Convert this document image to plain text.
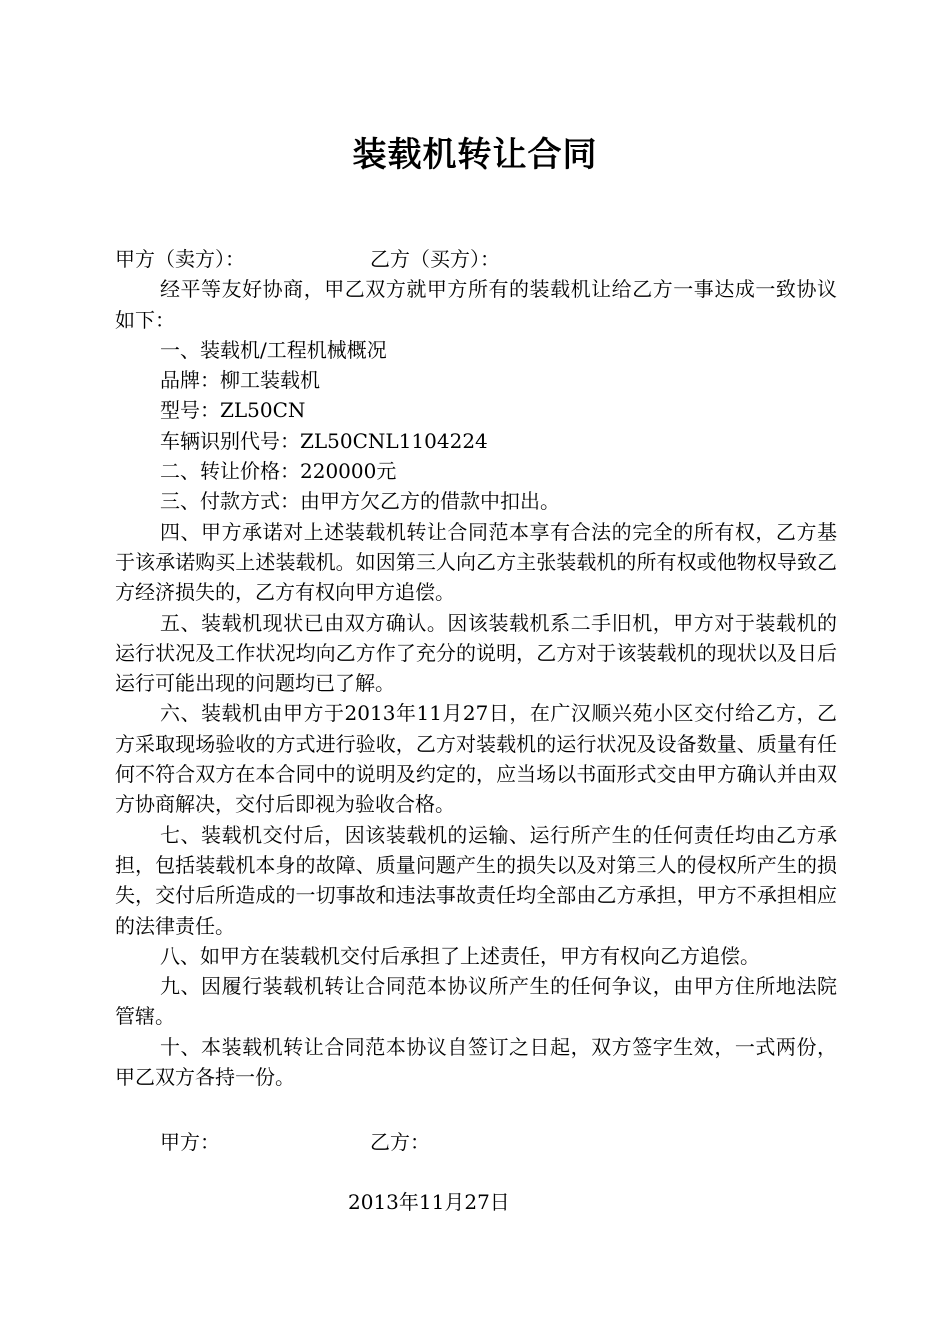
装载机转让合同
甲方（卖方）：	乙方（买方）：
经平等友好协商，甲乙双方就甲方所有的装载机让给乙方一事达成一致协议如下：
一、装载机/工程机械概况
品牌：柳工装载机
型号：ZL50CN
车辆识别代号：ZL50CNL1104224
二、转让价格：220000元
三、付款方式：由甲方欠乙方的借款中扣出。
四、甲方承诺对上述装载机转让合同范本享有合法的完全的所有权，乙方基于该承诺购买上述装载机。如因第三人向乙方主张装载机的所有权或他物权导致乙方经济损失的，乙方有权向甲方追偿。
五、装载机现状已由双方确认。因该装载机系二手旧机，甲方对于装载机的运行状况及工作状况均向乙方作了充分的说明，乙方对于该装载机的现状以及日后运行可能出现的问题均已了解。
六、装载机由甲方于2013年11月27日，在广汉顺兴苑小区交付给乙方，乙方采取现场验收的方式进行验收，乙方对装载机的运行状况及设备数量、质量有任何不符合双方在本合同中的说明及约定的，应当场以书面形式交由甲方确认并由双方协商解决，交付后即视为验收合格。
七、装载机交付后，因该装载机的运输、运行所产生的任何责任均由乙方承担，包括装载机本身的故障、质量问题产生的损失以及对第三人的侵权所产生的损失，交付后所造成的一切事故和违法事故责任均全部由乙方承担，甲方不承担相应的法律责任。
八、如甲方在装载机交付后承担了上述责任，甲方有权向乙方追偿。
九、因履行装载机转让合同范本协议所产生的任何争议，由甲方住所地法院管辖。
十、本装载机转让合同范本协议自签订之日起，双方签字生效，一式两份，甲乙双方各持一份。
甲方：	乙方：
2013年11月27日
